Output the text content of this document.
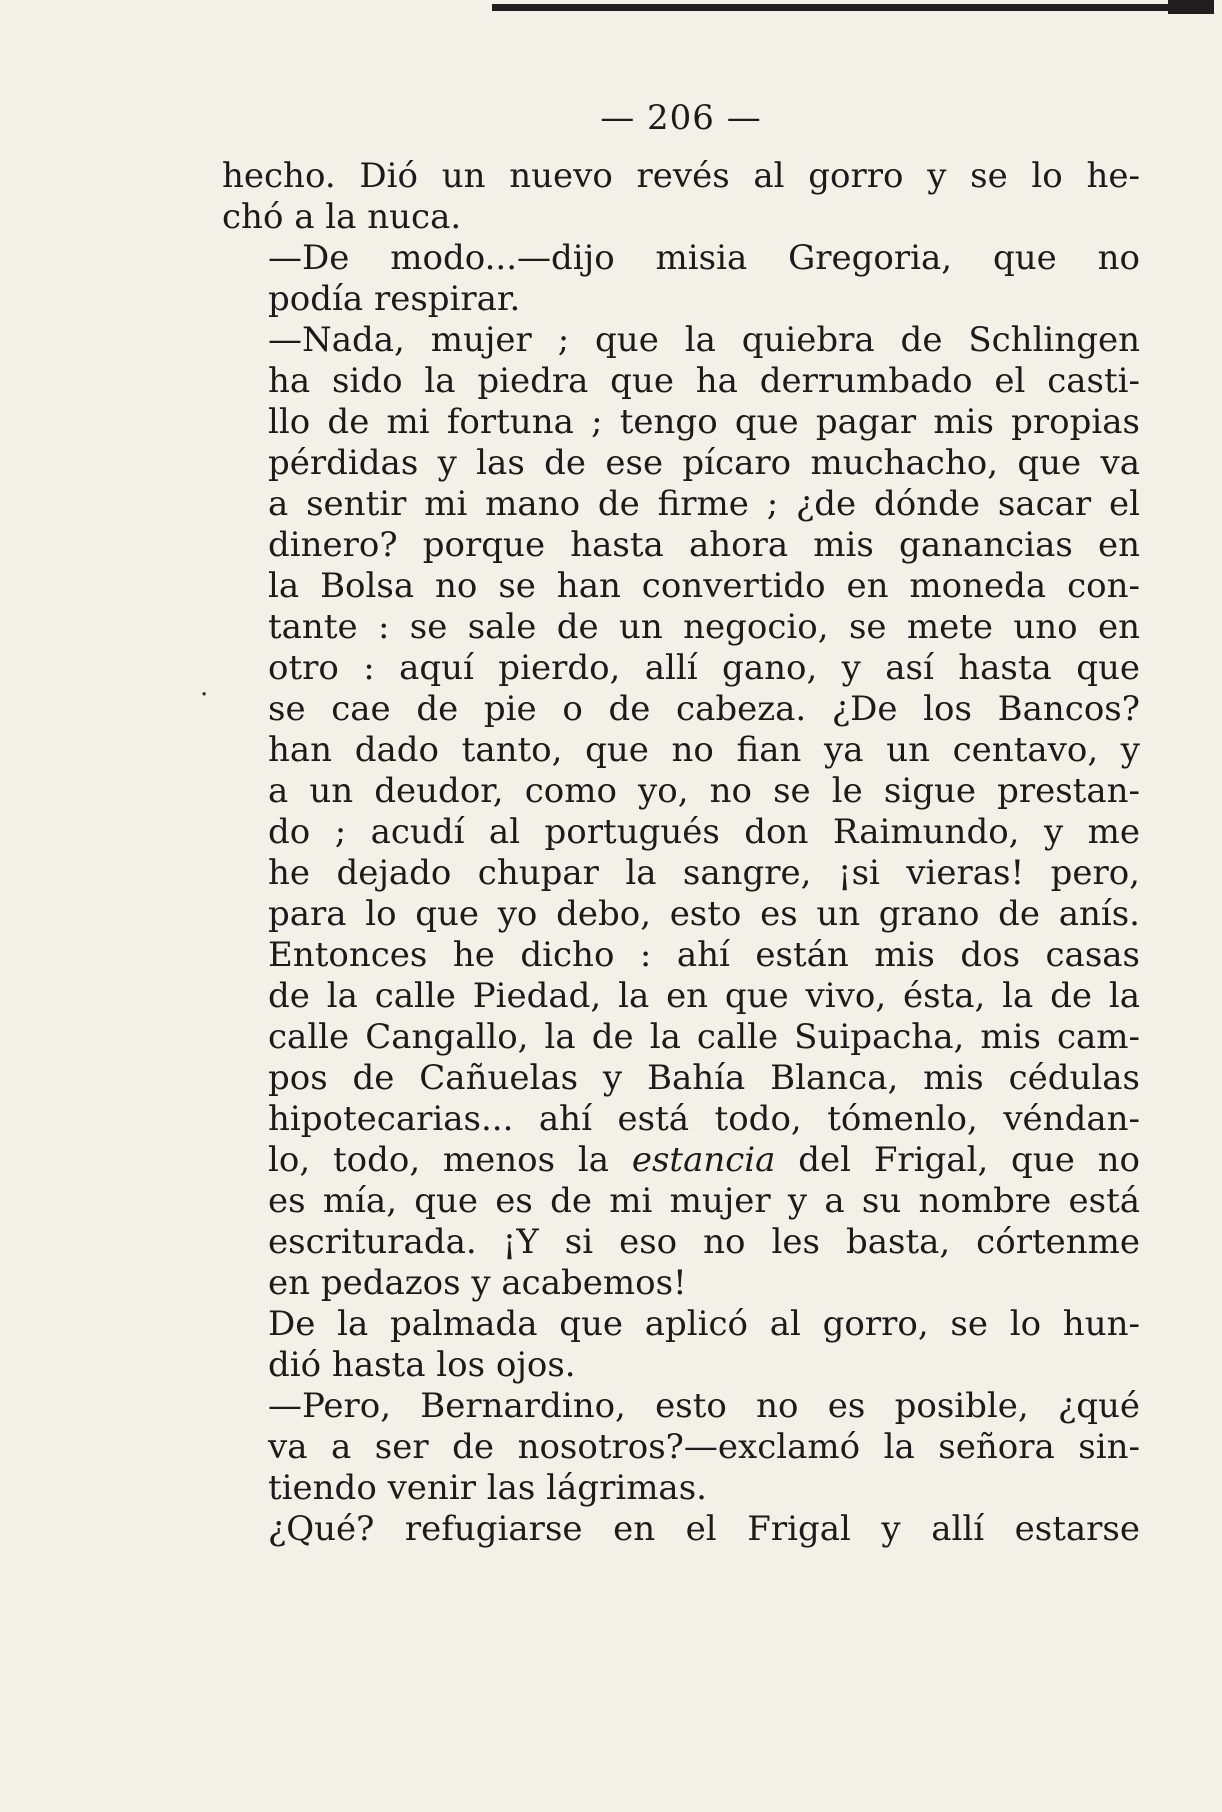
·
— 206 —

hecho. Dió un nuevo revés al gorro y se lo he-
chó a la nuca.

—De modo...—dijo misia Gregoria, que no
podía respirar.

—Nada, mujer ; que la quiebra de Schlingen
ha sido la piedra que ha derrumbado el casti-
llo de mi fortuna ; tengo que pagar mis propias
pérdidas y las de ese pícaro muchacho, que va
a sentir mi mano de firme ; ¿de dónde sacar el
dinero? porque hasta ahora mis ganancias en
la Bolsa no se han convertido en moneda con-
tante : se sale de un negocio, se mete uno en
otro : aquí pierdo, allí gano, y así hasta que
se cae de pie o de cabeza. ¿De los Bancos?
han dado tanto, que no fian ya un centavo, y
a un deudor, como yo, no se le sigue prestan-
do ; acudí al portugués don Raimundo, y me
he dejado chupar la sangre, ¡si vieras! pero,
para lo que yo debo, esto es un grano de anís.
Entonces he dicho : ahí están mis dos casas
de la calle Piedad, la en que vivo, ésta, la de la
calle Cangallo, la de la calle Suipacha, mis cam-
pos de Cañuelas y Bahía Blanca, mis cédulas
hipotecarias... ahí está todo, tómenlo, véndan-
lo, todo, menos la estancia del Frigal, que no
es mía, que es de mi mujer y a su nombre está
escriturada. ¡Y si eso no les basta, córtenme
en pedazos y acabemos!

De la palmada que aplicó al gorro, se lo hun-
dió hasta los ojos.

—Pero, Bernardino, esto no es posible, ¿qué
va a ser de nosotros?—exclamó la señora sin-
tiendo venir las lágrimas.

¿Qué? refugiarse en el Frigal y allí estarse
